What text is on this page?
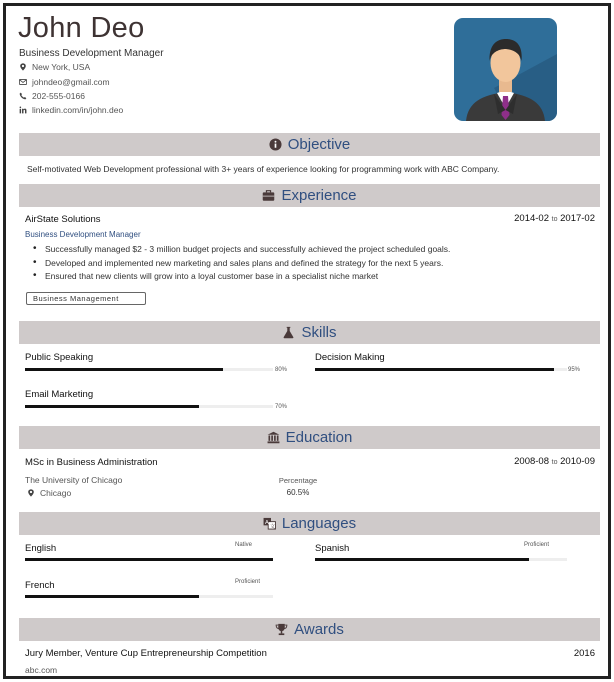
John Deo
Business Development Manager
New York, USA
johndeo@gmail.com
202-555-0166
linkedin.com/in/john.deo
Objective
Self-motivated Web Development professional with 3+ years of experience looking for programming work with ABC Company.
Experience
AirState Solutions	2014-02 to 2017-02
Business Development Manager
• Successfully managed $2 - 3 million budget projects and successfully achieved the project scheduled goals.
• Developed and implemented new marketing and sales plans and defined the strategy for the next 5 years.
• Ensured that new clients will grow into a loyal customer base in a specialist niche market
Business Management
Skills
Public Speaking
80%
Decision Making
95%
Email Marketing
70%
Education
MSc in Business Administration	2008-08 to 2010-09
The University of Chicago
Chicago
Percentage
60.5%
A
文 Languages
English	Native	Spanish	Proficient
French	Proficient
Awards
Jury Member, Venture Cup Entrepreneurship Competition	2016
abc.com
